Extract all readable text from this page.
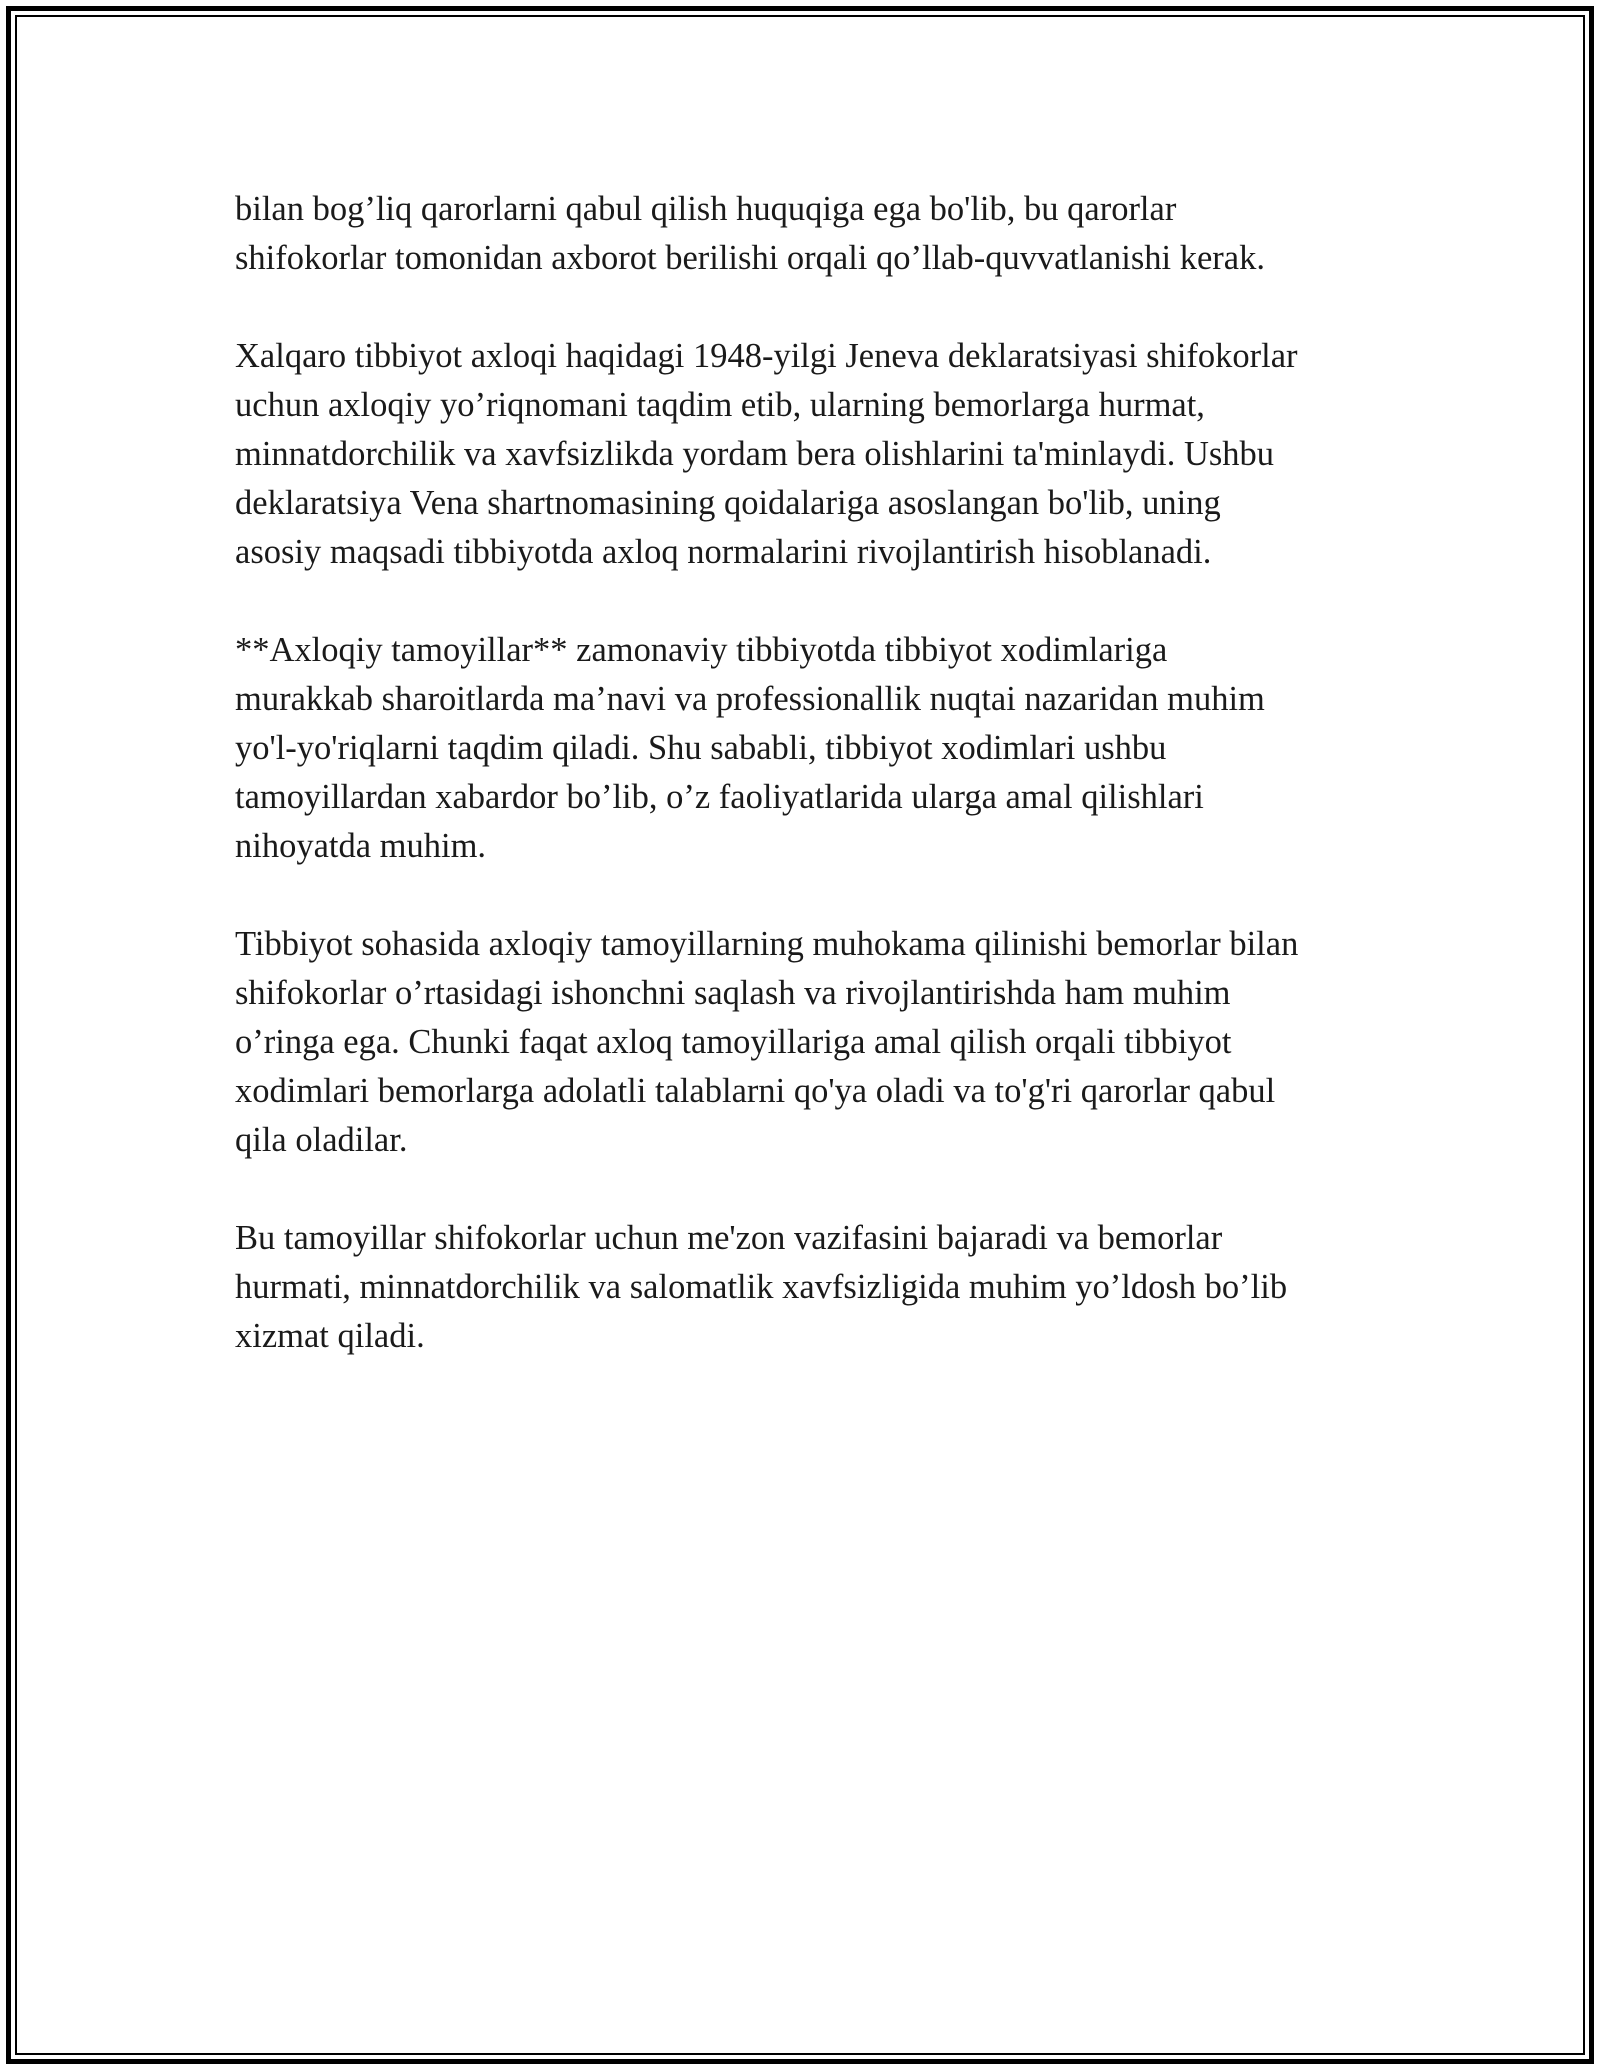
bilan bog’liq qarorlarni qabul qilish huquqiga ega bo'lib, bu qarorlar
shifokorlar tomonidan axborot berilishi orqali qo’llab-quvvatlanishi kerak.

Xalqaro tibbiyot axloqi haqidagi 1948-yilgi Jeneva deklaratsiyasi shifokorlar
uchun axloqiy yo’riqnomani taqdim etib, ularning bemorlarga hurmat,
minnatdorchilik va xavfsizlikda yordam bera olishlarini ta'minlaydi. Ushbu
deklaratsiya Vena shartnomasining qoidalariga asoslangan bo'lib, uning
asosiy maqsadi tibbiyotda axloq normalarini rivojlantirish hisoblanadi.

**Axloqiy tamoyillar** zamonaviy tibbiyotda tibbiyot xodimlariga
murakkab sharoitlarda ma’navi va professionallik nuqtai nazaridan muhim
yo'l-yo'riqlarni taqdim qiladi. Shu sababli, tibbiyot xodimlari ushbu
tamoyillardan xabardor bo’lib, o’z faoliyatlarida ularga amal qilishlari
nihoyatda muhim.

Tibbiyot sohasida axloqiy tamoyillarning muhokama qilinishi bemorlar bilan
shifokorlar o’rtasidagi ishonchni saqlash va rivojlantirishda ham muhim
o’ringa ega. Chunki faqat axloq tamoyillariga amal qilish orqali tibbiyot
xodimlari bemorlarga adolatli talablarni qo'ya oladi va to'g'ri qarorlar qabul
qila oladilar.

Bu tamoyillar shifokorlar uchun me'zon vazifasini bajaradi va bemorlar
hurmati, minnatdorchilik va salomatlik xavfsizligida muhim yo’ldosh bo’lib
xizmat qiladi.
